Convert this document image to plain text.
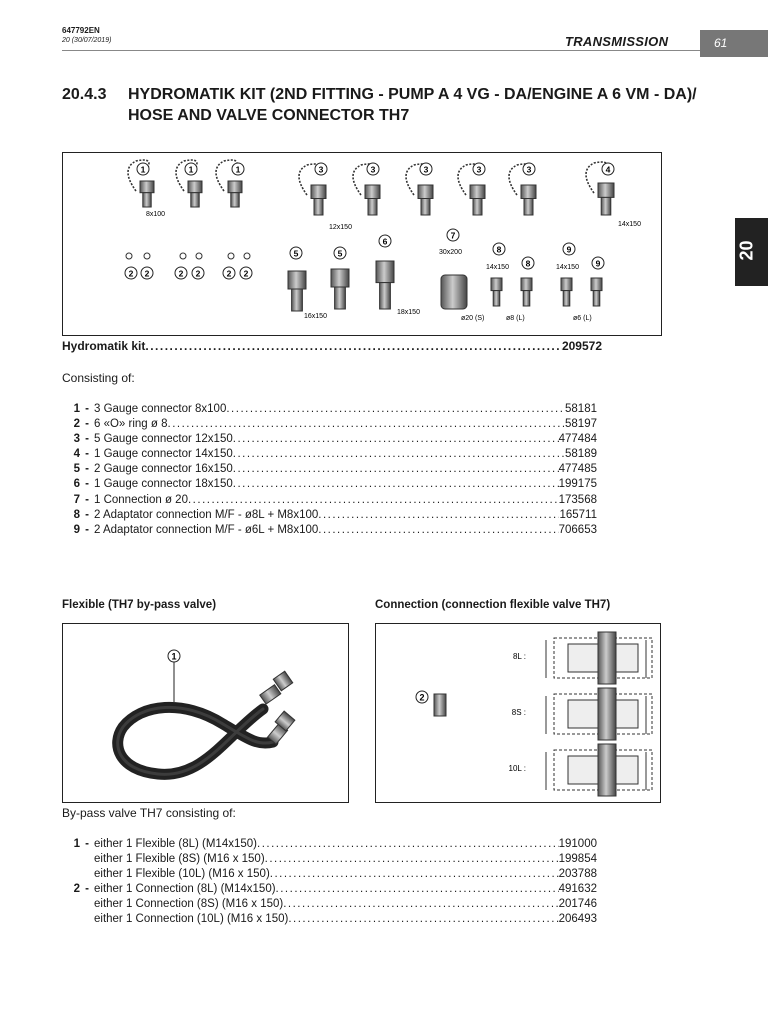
647792EN
20 (30/07/2019)	TRANSMISSION	61
20
20.4.3 HYDROMATIK KIT (2ND FITTING - PUMP A 4 VG - DA/ENGINE A 6 VM - DA)/ HOSE AND VALVE CONNECTOR TH7
1	1	1	3	3	3	3	3	4
5	5
6
7
8
8
9
9
2 2	2 2	2 2
8x100
12x150	14x150
16x150
18x150
30x200
14x150	14x150
ø20 (S)	ø8 (L)	ø6 (L)
Hydromatik kit .....	209572
Consisting of:
1 - 3 Gauge connector 8x100 .....	58181
2 - 6 «O» ring ø 8 .....	58197
3 - 5 Gauge connector 12x150 .....	477484
4 - 1 Gauge connector 14x150 .....	58189
5 - 2 Gauge connector 16x150 .....	477485
6 - 1 Gauge connector 18x150 .....	199175
7 - 1 Connection ø 20 .....	173568
8 - 2 Adaptator connection M/F - ø8L + M8x100 .....	165711
9 - 2 Adaptator connection M/F - ø6L + M8x100 .....	706653
Flexible (TH7 by-pass valve)	Connection (connection flexible valve TH7)
1	8L :
8S :
10L :
2
By-pass valve TH7 consisting of:
1 - either 1 Flexible (8L) (M14x150) .....	191000
either 1 Flexible (8S) (M16 x 150) .....	199854
either 1 Flexible (10L) (M16 x 150) .....	203788
2 - either 1 Connection (8L) (M14x150) .....	491632
either 1 Connection (8S) (M16 x 150) .....	201746
either 1 Connection (10L) (M16 x 150) .....	206493
